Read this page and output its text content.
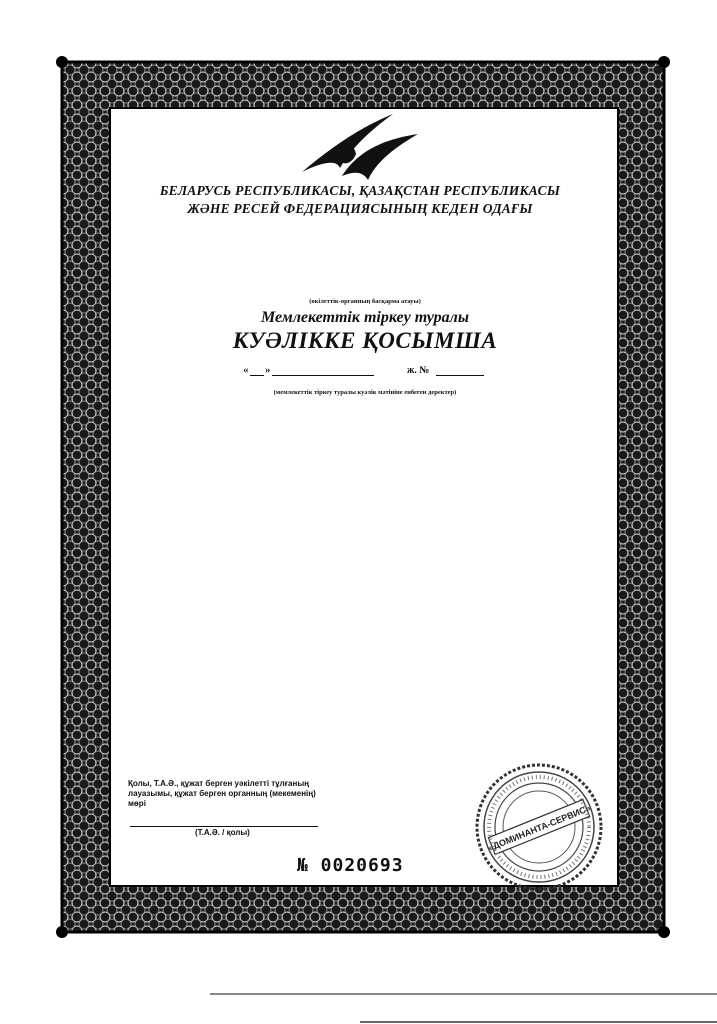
БЕЛАРУСЬ РЕСПУБЛИКАСЫ, ҚАЗАҚСТАН РЕСПУБЛИКАСЫ
ЖӘНЕ РЕСЕЙ ФЕДЕРАЦИЯСЫНЫҢ КЕДЕН ОДАҒЫ
(өкілеттік-органның басқарма атауы)
Мемлекеттік тіркеу туралы
КУӘЛІККЕ ҚОСЫМША
« »	ж. №
(мемлекеттік тіркеу туралы куәлік мәтініне енбеген деректер)
Қолы, Т.А.Ә., құжат берген уәкілетті тұлғаның
лауазымы, құжат берген органның (мекеменің)
мөрі
(Т.А.Ә. / қолы)
№ 0020693
«ДОМИНАНТА-СЕРВИС»
